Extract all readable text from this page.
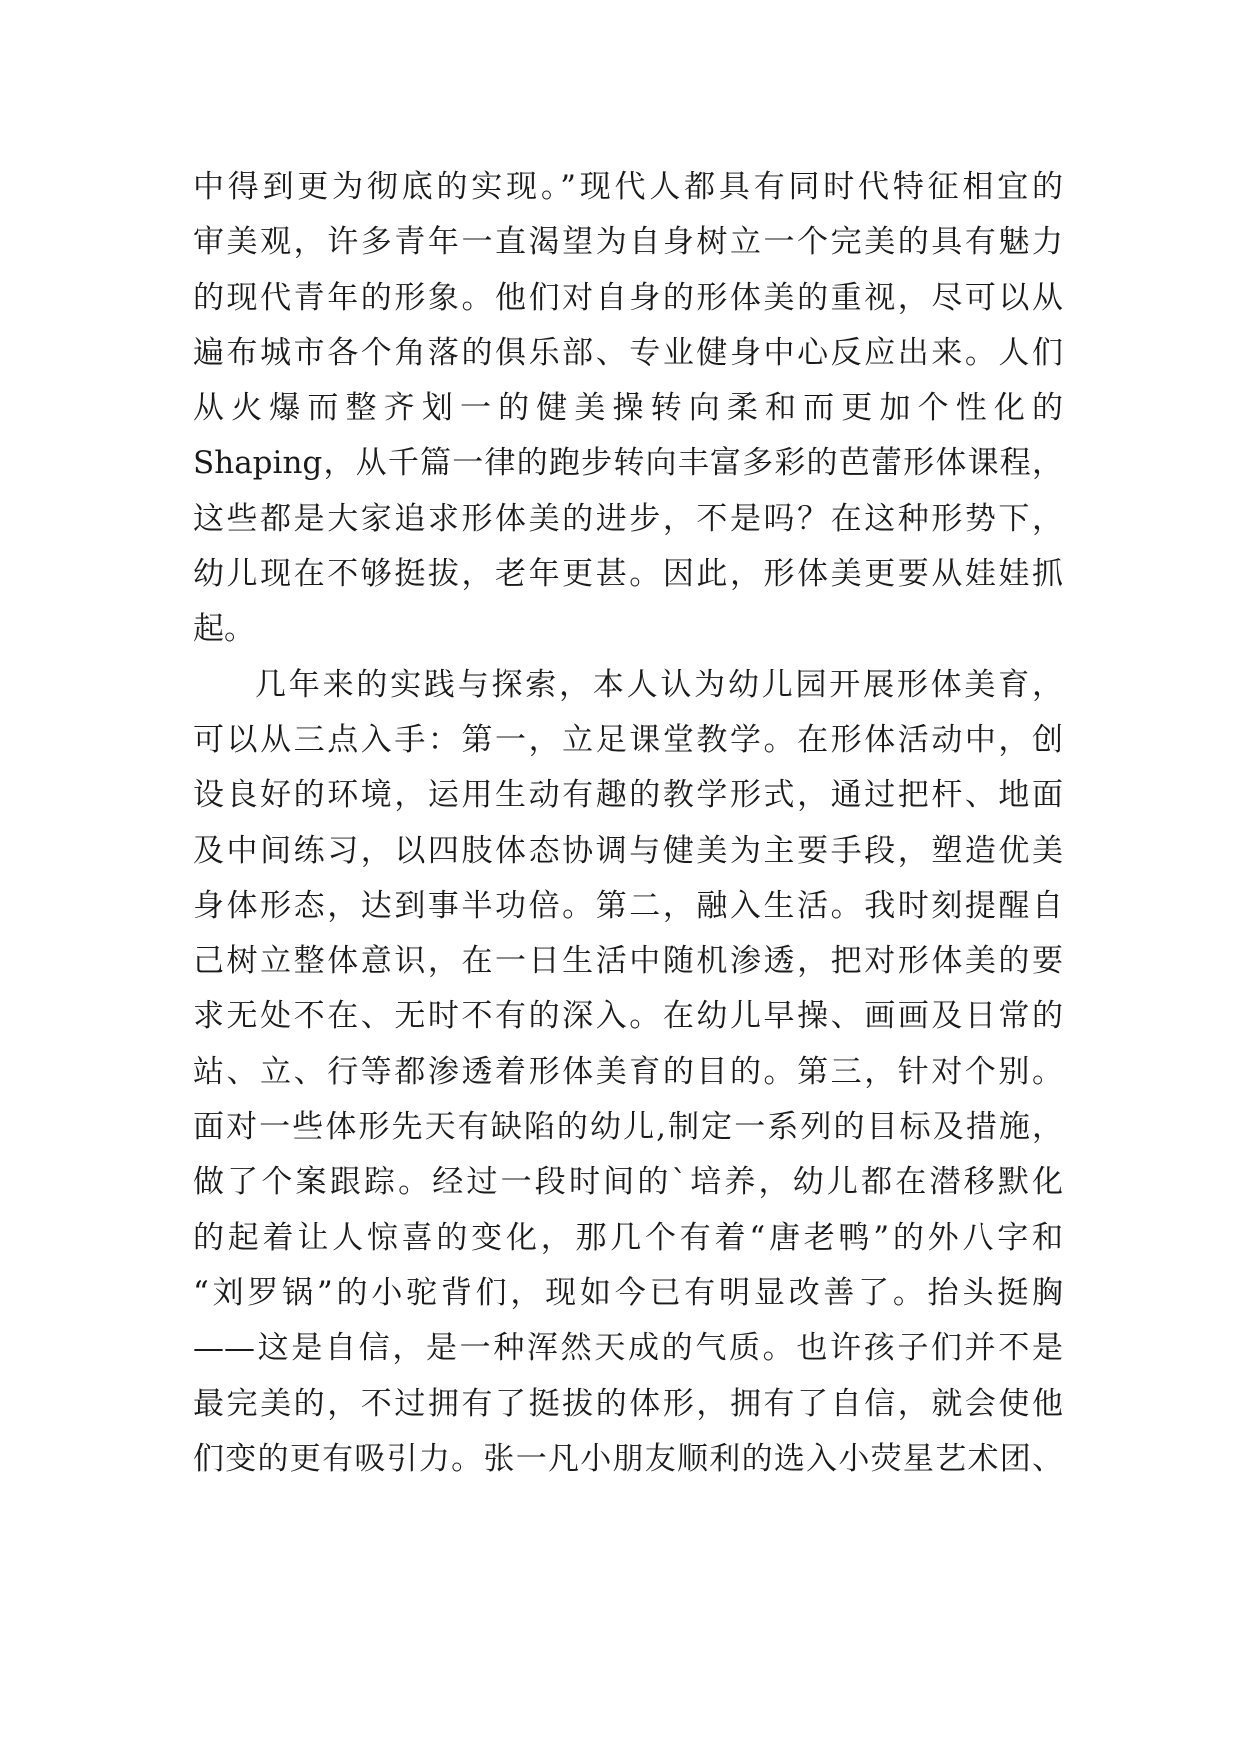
中得到更为彻底的实现。”现代人都具有同时代特征相宜的
审美观，许多青年一直渴望为自身树立一个完美的具有魅力
的现代青年的形象。他们对自身的形体美的重视，尽可以从
遍布城市各个角落的俱乐部、专业健身中心反应出来。人们
从火爆而整齐划一的健美操转向柔和而更加个性化的
Shaping，从千篇一律的跑步转向丰富多彩的芭蕾形体课程，
这些都是大家追求形体美的进步，不是吗？在这种形势下，
幼儿现在不够挺拔，老年更甚。因此，形体美更要从娃娃抓
起。
几年来的实践与探索，本人认为幼儿园开展形体美育，
可以从三点入手：第一，立足课堂教学。在形体活动中，创
设良好的环境，运用生动有趣的教学形式，通过把杆、地面
及中间练习，以四肢体态协调与健美为主要手段，塑造优美
身体形态，达到事半功倍。第二，融入生活。我时刻提醒自
己树立整体意识，在一日生活中随机渗透，把对形体美的要
求无处不在、无时不有的深入。在幼儿早操、画画及日常的
站、立、行等都渗透着形体美育的目的。第三，针对个别。
面对一些体形先天有缺陷的幼儿,制定一系列的目标及措施，
做了个案跟踪。经过一段时间的`培养，幼儿都在潜移默化
的起着让人惊喜的变化，那几个有着“唐老鸭”的外八字和
“刘罗锅”的小驼背们，现如今已有明显改善了。抬头挺胸
——这是自信，是一种浑然天成的气质。也许孩子们并不是
最完美的，不过拥有了挺拔的体形，拥有了自信，就会使他
们变的更有吸引力。张一凡小朋友顺利的选入小荧星艺术团、
